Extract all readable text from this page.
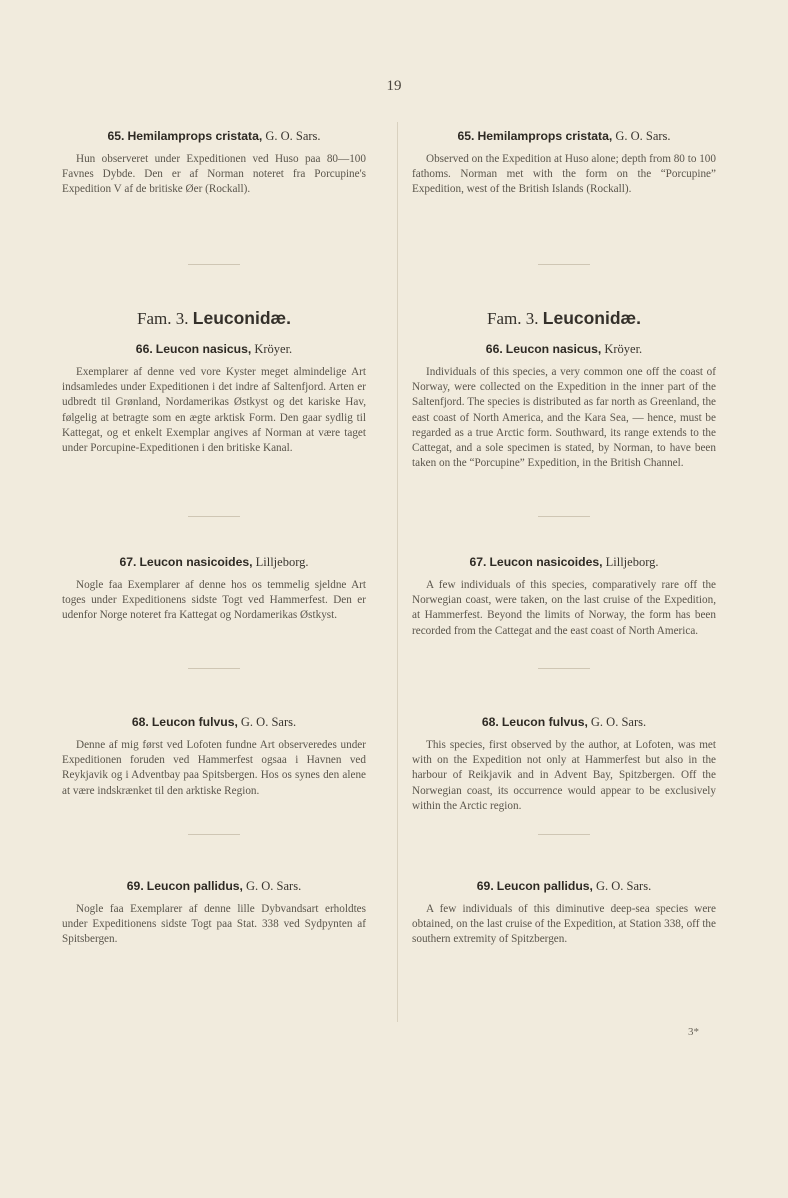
19
65. Hemilamprops cristata, G. O. Sars.

Hun observeret under Expeditionen ved Huso paa 80—100 Favnes Dybde. Den er af Norman noteret fra Porcupine's Expedition V af de britiske Øer (Rockall).

Fam. 3. Leuconidæ.
66. Leucon nasicus, Kröyer.

Exemplarer af denne ved vore Kyster meget almindelige Art indsamledes under Expeditionen i det indre af Saltenfjord. Arten er udbredt til Grønland, Nordamerikas Østkyst og det kariske Hav, følgelig at betragte som en ægte arktisk Form. Den gaar sydlig til Kattegat, og et enkelt Exemplar angives af Norman at være taget under Porcupine-Expeditionen i den britiske Kanal.

67. Leucon nasicoides, Lilljeborg.

Nogle faa Exemplarer af denne hos os temmelig sjeldne Art toges under Expeditionens sidste Togt ved Hammerfest. Den er udenfor Norge noteret fra Kattegat og Nordamerikas Østkyst.

68. Leucon fulvus, G. O. Sars.

Denne af mig først ved Lofoten fundne Art observeredes under Expeditionen foruden ved Hammerfest ogsaa i Havnen ved Reykjavik og i Adventbay paa Spitsbergen. Hos os synes den alene at være indskrænket til den arktiske Region.

69. Leucon pallidus, G. O. Sars.

Nogle faa Exemplarer af denne lille Dybvandsart erholdtes under Expeditionens sidste Togt paa Stat. 338 ved Sydpynten af Spitsbergen.

65. Hemilamprops cristata, G. O. Sars.

Observed on the Expedition at Huso alone; depth from 80 to 100 fathoms. Norman met with the form on the “Porcupine” Expedition, west of the British Islands (Rockall).

Fam. 3. Leuconidæ.
66. Leucon nasicus, Kröyer.

Individuals of this species, a very common one off the coast of Norway, were collected on the Expedition in the inner part of the Saltenfjord. The species is distributed as far north as Greenland, the east coast of North America, and the Kara Sea, — hence, must be regarded as a true Arctic form. Southward, its range extends to the Cattegat, and a sole specimen is stated, by Norman, to have been taken on the “Porcupine” Expedition, in the British Channel.

67. Leucon nasicoides, Lilljeborg.

A few individuals of this species, comparatively rare off the Norwegian coast, were taken, on the last cruise of the Expedition, at Hammerfest. Beyond the limits of Norway, the form has been recorded from the Cattegat and the east coast of North America.

68. Leucon fulvus, G. O. Sars.

This species, first observed by the author, at Lofoten, was met with on the Expedition not only at Hammerfest but also in the harbour of Reikjavik and in Advent Bay, Spitzbergen. Off the Norwegian coast, its occurrence would appear to be exclusively within the Arctic region.

69. Leucon pallidus, G. O. Sars.

A few individuals of this diminutive deep-sea species were obtained, on the last cruise of the Expedition, at Station 338, off the southern extremity of Spitzbergen.

3*
